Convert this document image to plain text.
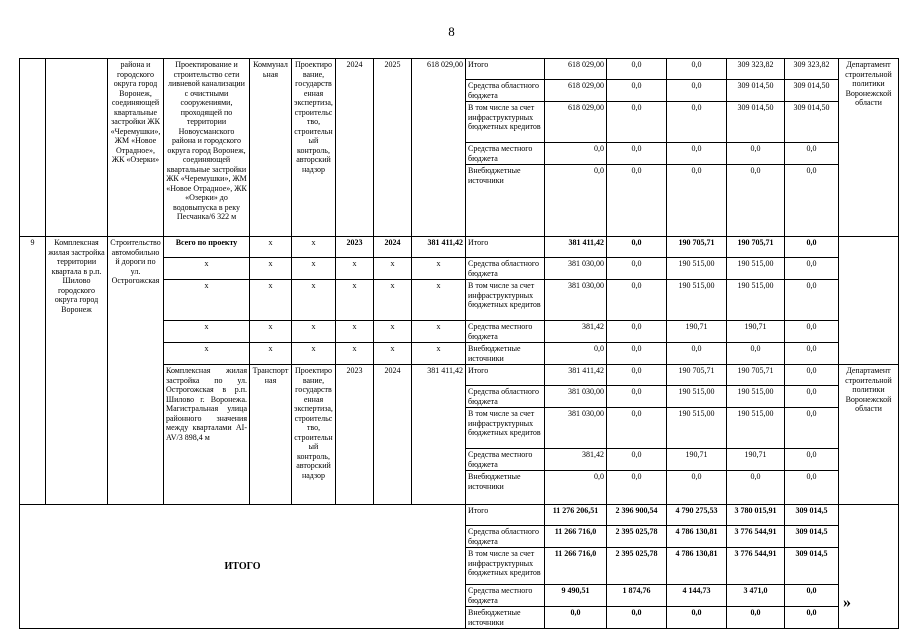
8
		района и городского округа город Воронеж, соединяющей квартальные застройки ЖК «Черемушки», ЖМ «Новое Отрадное», ЖК «Озерки»	Проектирование и строительство сети ливневой канализации с очистными сооружениями, проходящей по территории Новоусманского района и городского округа город Воронеж, соединяющей квартальные застройки ЖК «Черемушки», ЖМ «Новое Отрадное», ЖК «Озерки» до водовыпуска в реку Песчанка/6 322 м	Коммунальная	Проектирование, государственная экспертиза, строительство, строительный контроль, авторский надзор	2024	2025	618 029,00	Итого	618 029,00	0,0	0,0	309 323,82	309 323,82	Департамент строительной политики Воронежской области
									Средства областного бюджета	618 029,00	0,0	0,0	309 014,50	309 014,50	
									В том числе за счет инфраструктурных бюджетных кредитов	618 029,00	0,0	0,0	309 014,50	309 014,50	
									Средства местного бюджета	0,0	0,0	0,0	0,0	0,0	
									Внебюджетные источники	0,0	0,0	0,0	0,0	0,0	
9	Комплексная жилая застройка территории квартала в р.п. Шилово городского округа город Воронеж	Строительство автомобильной дороги по ул. Острогожская	Всего по проекту	x	x	2023	2024	381 411,42	Итого	381 411,42	0,0	190 705,71	190 705,71	0,0	
			x	x	x	x	x	x	Средства областного бюджета	381 030,00	0,0	190 515,00	190 515,00	0,0	
			x	x	x	x	x	x	В том числе за счет инфраструктурных бюджетных кредитов	381 030,00	0,0	190 515,00	190 515,00	0,0	
			x	x	x	x	x	x	Средства местного бюджета	381,42	0,0	190,71	190,71	0,0	
			x	x	x	x	x	x	Внебюджетные источники	0,0	0,0	0,0	0,0	0,0	
			Комплексная жилая застройка по ул. Острогожская в р.п. Шилово г. Воронежа. Магистральная улица районного значения между кварталами AI-AV/3 898,4 м	Транспортная	Проектирование, государственная экспертиза, строительство, строительный контроль, авторский надзор	2023	2024	381 411,42	Итого	381 411,42	0,0	190 705,71	190 705,71	0,0	Департамент строительной политики Воронежской области
									Средства областного бюджета	381 030,00	0,0	190 515,00	190 515,00	0,0	
									В том числе за счет инфраструктурных бюджетных кредитов	381 030,00	0,0	190 515,00	190 515,00	0,0	
									Средства местного бюджета	381,42	0,0	190,71	190,71	0,0	
									Внебюджетные источники	0,0	0,0	0,0	0,0	0,0	
ИТОГО									Итого	11 276 206,51	2 396 900,54	4 790 275,53	3 780 015,91	309 014,5	
									Средства областного бюджета	11 266 716,0	2 395 025,78	4 786 130,81	3 776 544,91	309 014,5	
									В том числе за счет инфраструктурных бюджетных кредитов	11 266 716,0	2 395 025,78	4 786 130,81	3 776 544,91	309 014,5	
									Средства местного бюджета	9 490,51	1 874,76	4 144,73	3 471,0	0,0	
									Внебюджетные источники	0,0	0,0	0,0	0,0	0,0	
»
